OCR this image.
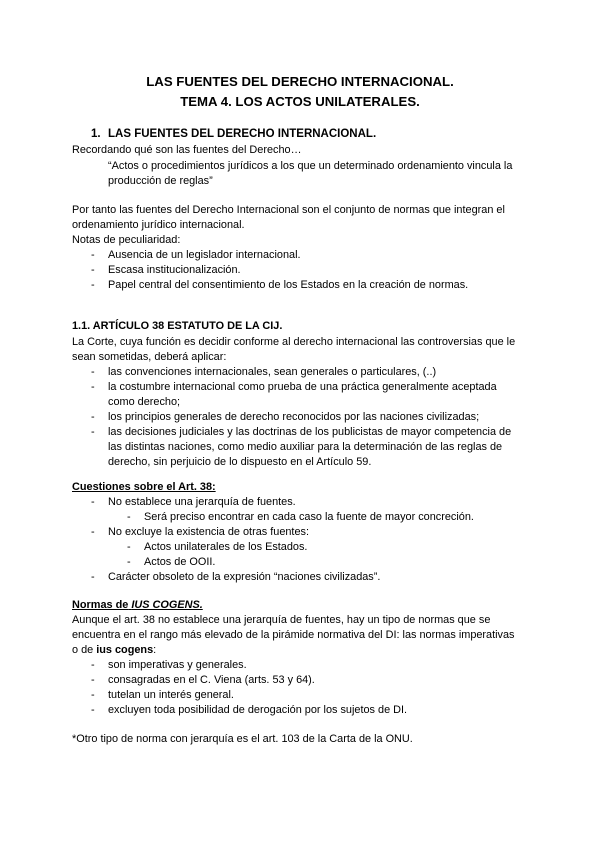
LAS FUENTES DEL DERECHO INTERNACIONAL.
TEMA 4. LOS ACTOS UNILATERALES.
1. LAS FUENTES DEL DERECHO INTERNACIONAL.
Recordando qué son las fuentes del Derecho…
“Actos o procedimientos jurídicos a los que un determinado ordenamiento vincula la
producción de reglas”
Por tanto las fuentes del Derecho Internacional son el conjunto de normas que integran el
ordenamiento jurídico internacional.
Notas de peculiaridad:
- Ausencia de un legislador internacional.
- Escasa institucionalización.
- Papel central del consentimiento de los Estados en la creación de normas.
1.1. ARTÍCULO 38 ESTATUTO DE LA CIJ.
La Corte, cuya función es decidir conforme al derecho internacional las controversias que le
sean sometidas, deberá aplicar:
- las convenciones internacionales, sean generales o particulares, (..)
- la costumbre internacional como prueba de una práctica generalmente aceptada
como derecho;
- los principios generales de derecho reconocidos por las naciones civilizadas;
- las decisiones judiciales y las doctrinas de los publicistas de mayor competencia de
las distintas naciones, como medio auxiliar para la determinación de las reglas de
derecho, sin perjuicio de lo dispuesto en el Artículo 59.
Cuestiones sobre el Art. 38:
- No establece una jerarquía de fuentes.
- Será preciso encontrar en cada caso la fuente de mayor concreción.
- No excluye la existencia de otras fuentes:
- Actos unilaterales de los Estados.
- Actos de OOII.
- Carácter obsoleto de la expresión “naciones civilizadas”.
Normas de IUS COGENS.
Aunque el art. 38 no establece una jerarquía de fuentes, hay un tipo de normas que se
encuentra en el rango más elevado de la pirámide normativa del DI: las normas imperativas
o de ius cogens:
- son imperativas y generales.
- consagradas en el C. Viena (arts. 53 y 64).
- tutelan un interés general.
- excluyen toda posibilidad de derogación por los sujetos de DI.
*Otro tipo de norma con jerarquía es el art. 103 de la Carta de la ONU.
